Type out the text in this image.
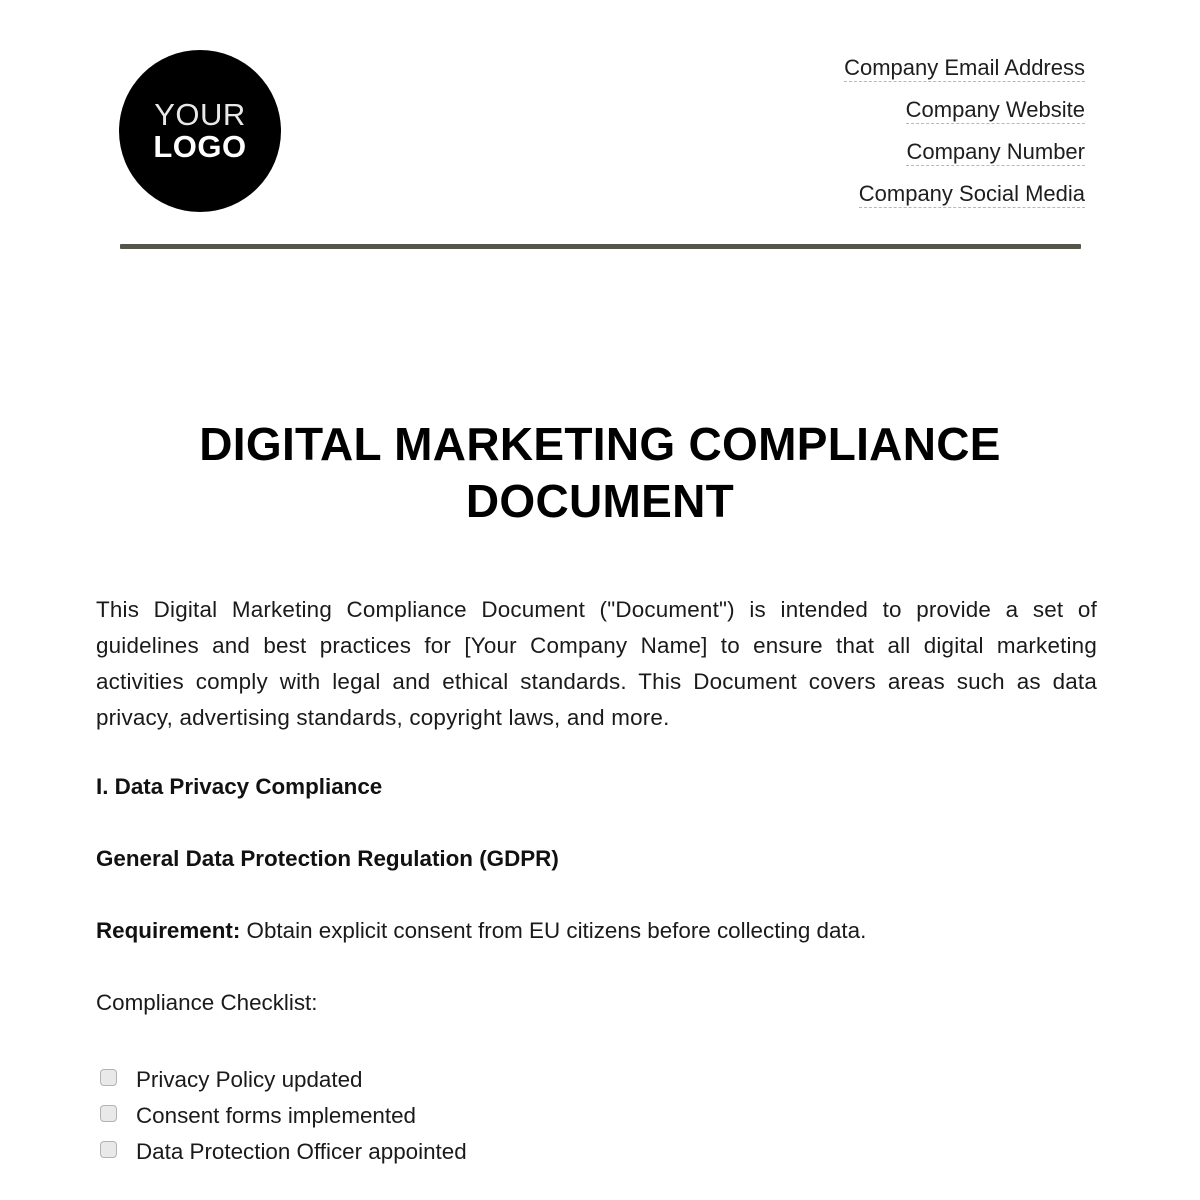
YOUR
LOGO
Company Email Address
Company Website
Company Number
Company Social Media
DIGITAL MARKETING COMPLIANCE DOCUMENT

This Digital Marketing Compliance Document ("Document") is intended to provide a set of guidelines and best practices for [Your Company Name] to ensure that all digital marketing activities comply with legal and ethical standards. This Document covers areas such as data privacy, advertising standards, copyright laws, and more.

I. Data Privacy Compliance
General Data Protection Regulation (GDPR)
Requirement: Obtain explicit consent from EU citizens before collecting data.
Compliance Checklist:
Privacy Policy updated
Consent forms implemented
Data Protection Officer appointed
